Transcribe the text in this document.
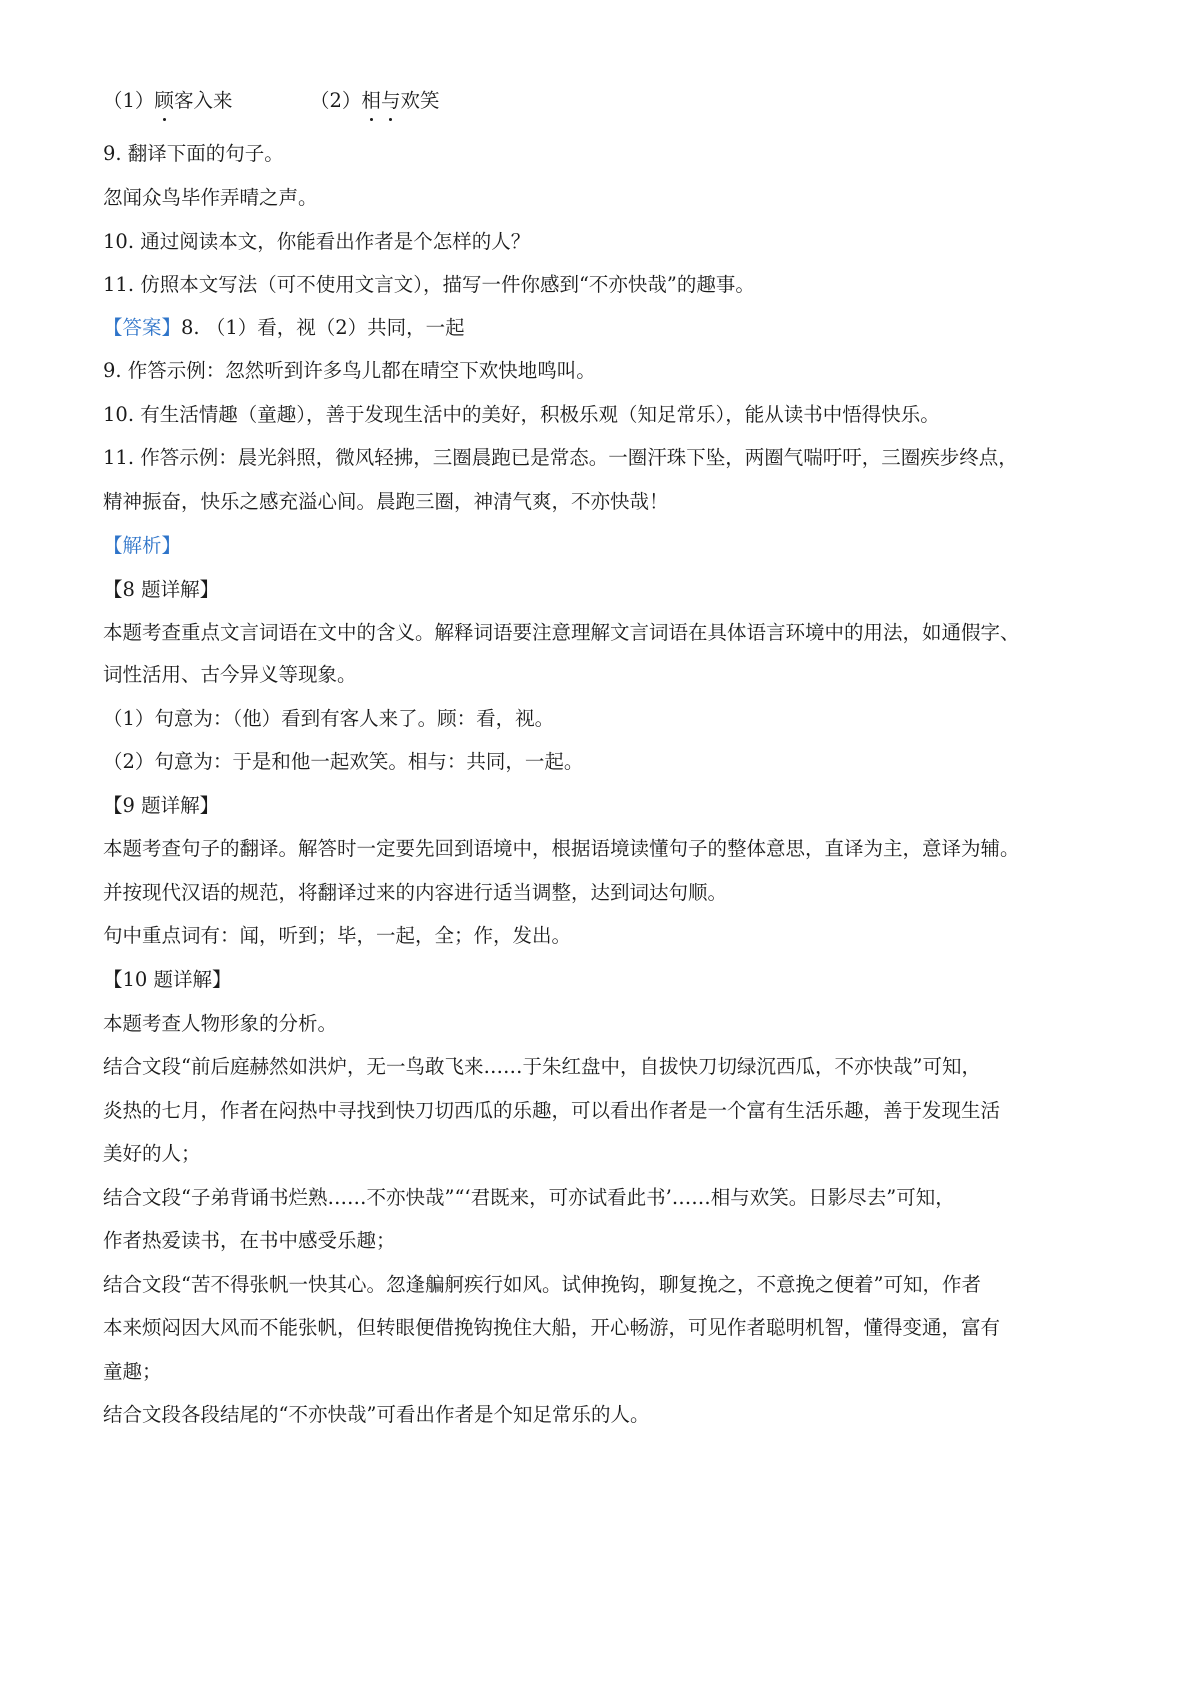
（1）顾客入来	（2）相与欢笑
9. 翻译下面的句子。
忽闻众鸟毕作弄晴之声。
10. 通过阅读本文，你能看出作者是个怎样的人？
11. 仿照本文写法（可不使用文言文），描写一件你感到“不亦快哉”的趣事。
【答案】8. （1）看，视（2）共同，一起
9. 作答示例：忽然听到许多鸟儿都在晴空下欢快地鸣叫。
10. 有生活情趣（童趣），善于发现生活中的美好，积极乐观（知足常乐），能从读书中悟得快乐。
11. 作答示例：晨光斜照，微风轻拂，三圈晨跑已是常态。一圈汗珠下坠，两圈气喘吁吁，三圈疾步终点，
精神振奋，快乐之感充溢心间。晨跑三圈，神清气爽，不亦快哉！
【解析】
【8 题详解】
本题考查重点文言词语在文中的含义。解释词语要注意理解文言词语在具体语言环境中的用法，如通假字、
词性活用、古今异义等现象。
（1）句意为：（他）看到有客人来了。顾：看，视。
（2）句意为：于是和他一起欢笑。相与：共同，一起。
【9 题详解】
本题考查句子的翻译。解答时一定要先回到语境中，根据语境读懂句子的整体意思，直译为主，意译为辅。
并按现代汉语的规范，将翻译过来的内容进行适当调整，达到词达句顺。
句中重点词有：闻，听到；毕，一起，全；作，发出。
【10 题详解】
本题考查人物形象的分析。
结合文段“前后庭赫然如洪炉，无一鸟敢飞来……于朱红盘中，自拔快刀切绿沉西瓜，不亦快哉”可知，
炎热的七月，作者在闷热中寻找到快刀切西瓜的乐趣，可以看出作者是一个富有生活乐趣，善于发现生活
美好的人；
结合文段“子弟背诵书烂熟……不亦快哉”“‘君既来，可亦试看此书’……相与欢笑。日影尽去”可知，
作者热爱读书，在书中感受乐趣；
结合文段“苦不得张帆一快其心。忽逢艑舸疾行如风。试伸挽钩，聊复挽之，不意挽之便着”可知，作者
本来烦闷因大风而不能张帆，但转眼便借挽钩挽住大船，开心畅游，可见作者聪明机智，懂得变通，富有
童趣；
结合文段各段结尾的“不亦快哉”可看出作者是个知足常乐的人。
